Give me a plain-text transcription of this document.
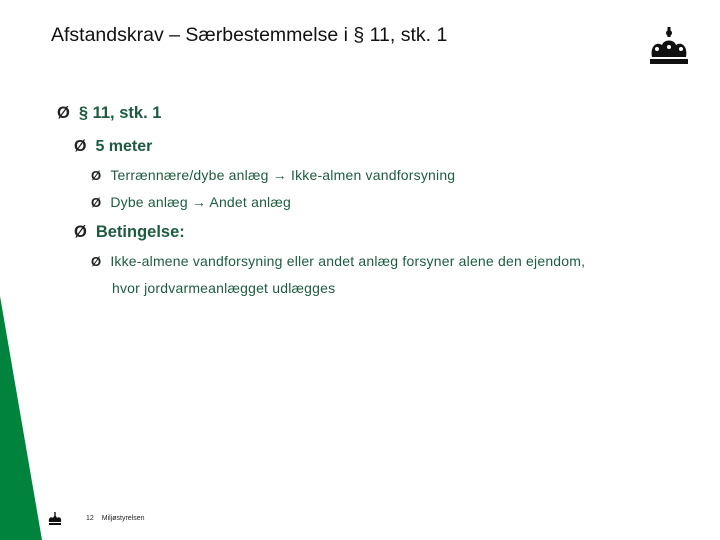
Afstandskrav – Særbestemmelse i § 11, stk. 1
Ø § 11, stk. 1
Ø 5 meter
Ø Terrænnære/dybe anlæg → Ikke-almen vandforsyning
Ø Dybe anlæg → Andet anlæg
Ø Betingelse:
Ø Ikke-almene vandforsyning eller andet anlæg forsyner alene den ejendom,
hvor jordvarmeanlægget udlægges
12 Miljøstyrelsen
